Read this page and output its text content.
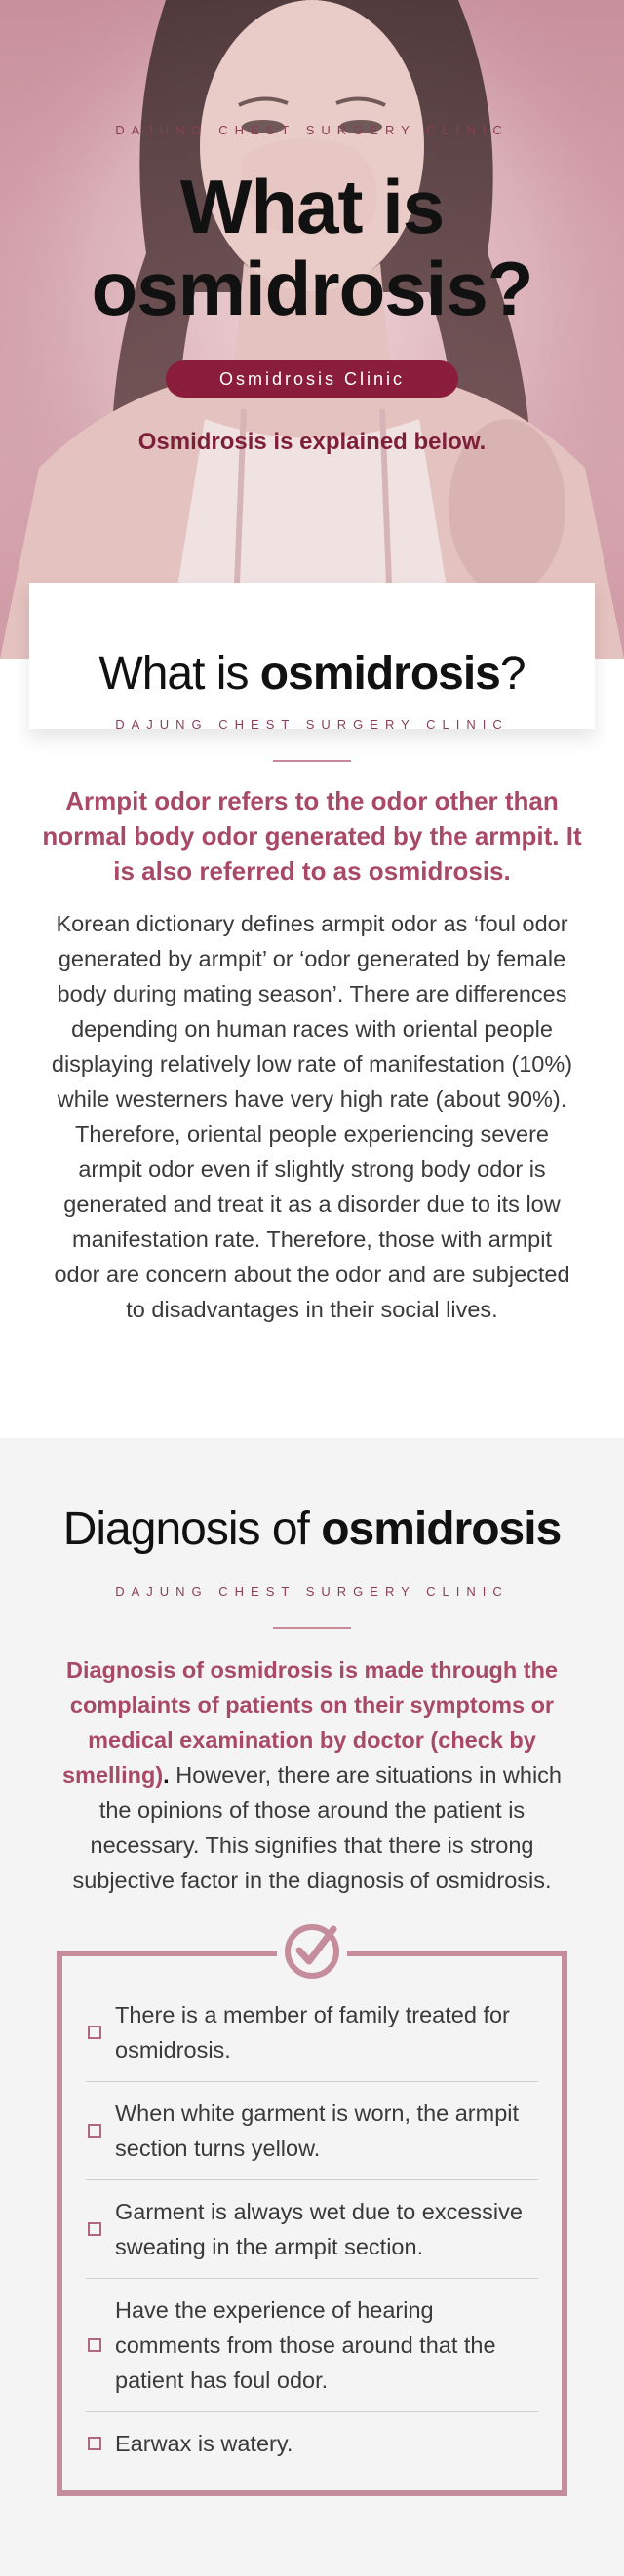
DAJUNG CHEST SURGERY CLINIC
What is
osmidrosis?
Osmidrosis Clinic
Osmidrosis is explained below.
What is osmidrosis?
DAJUNG CHEST SURGERY CLINIC
Armpit odor refers to the odor other than normal body odor generated by the armpit. It is also referred to as osmidrosis.
Korean dictionary defines armpit odor as ‘foul odor generated by armpit’ or ‘odor generated by female body during mating season’. There are differences depending on human races with oriental people displaying relatively low rate of manifestation (10%) while westerners have very high rate (about 90%). Therefore, oriental people experiencing severe armpit odor even if slightly strong body odor is generated and treat it as a disorder due to its low manifestation rate. Therefore, those with armpit odor are concern about the odor and are subjected to disadvantages in their social lives.
Diagnosis of osmidrosis
DAJUNG CHEST SURGERY CLINIC
Diagnosis of osmidrosis is made through the complaints of patients on their symptoms or medical examination by doctor (check by smelling). However, there are situations in which the opinions of those around the patient is necessary. This signifies that there is strong subjective factor in the diagnosis of osmidrosis.
There is a member of family treated for osmidrosis.
When white garment is worn, the armpit section turns yellow.
Garment is always wet due to excessive sweating in the armpit section.
Have the experience of hearing comments from those around that the patient has foul odor.
Earwax is watery.
